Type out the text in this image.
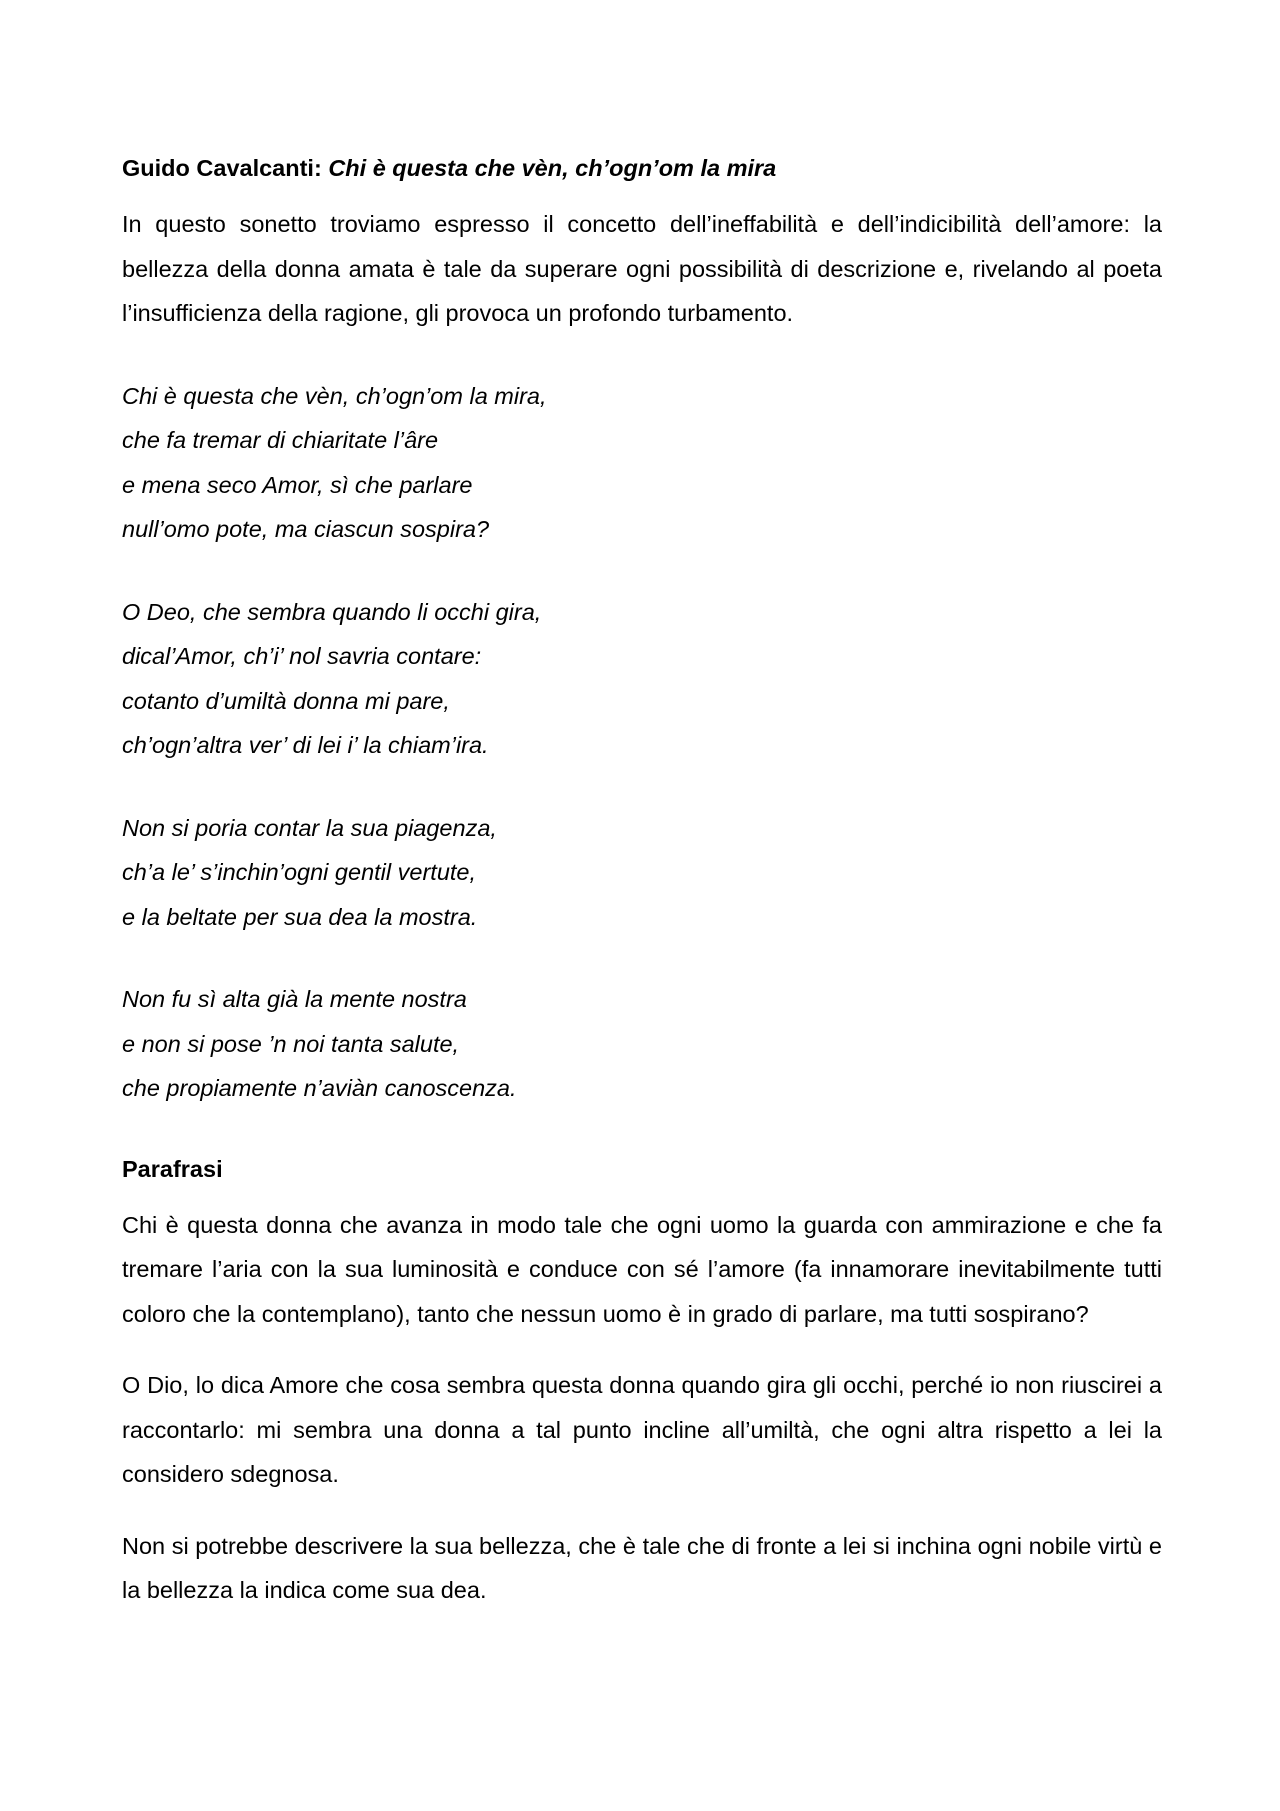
Guido Cavalcanti: Chi è questa che vèn, ch’ogn’om la mira

In questo sonetto troviamo espresso il concetto dell’ineffabilità e dell’indicibilità dell’amore: la bellezza della donna amata è tale da superare ogni possibilità di descrizione e, rivelando al poeta l’insufficienza della ragione, gli provoca un profondo turbamento.

Chi è questa che vèn, ch’ogn’om la mira,
che fa tremar di chiaritate l’âre
e mena seco Amor, sì che parlare
null’omo pote, ma ciascun sospira?
O Deo, che sembra quando li occhi gira,
dical’Amor, ch’i’ nol savria contare:
cotanto d’umiltà donna mi pare,
ch’ogn’altra ver’ di lei i’ la chiam’ira.
Non si poria contar la sua piagenza,
ch’a le’ s’inchin’ogni gentil vertute,
e la beltate per sua dea la mostra.
Non fu sì alta già la mente nostra
e non si pose ’n noi tanta salute,
che propiamente n’aviàn canoscenza.
Parafrasi

Chi è questa donna che avanza in modo tale che ogni uomo la guarda con ammirazione e che fa tremare l’aria con la sua luminosità e conduce con sé l’amore (fa innamorare inevitabilmente tutti coloro che la contemplano), tanto che nessun uomo è in grado di parlare, ma tutti sospirano?

O Dio, lo dica Amore che cosa sembra questa donna quando gira gli occhi, perché io non riuscirei a raccontarlo: mi sembra una donna a tal punto incline all’umiltà, che ogni altra rispetto a lei la considero sdegnosa.

Non si potrebbe descrivere la sua bellezza, che è tale che di fronte a lei si inchina ogni nobile virtù e la bellezza la indica come sua dea.
